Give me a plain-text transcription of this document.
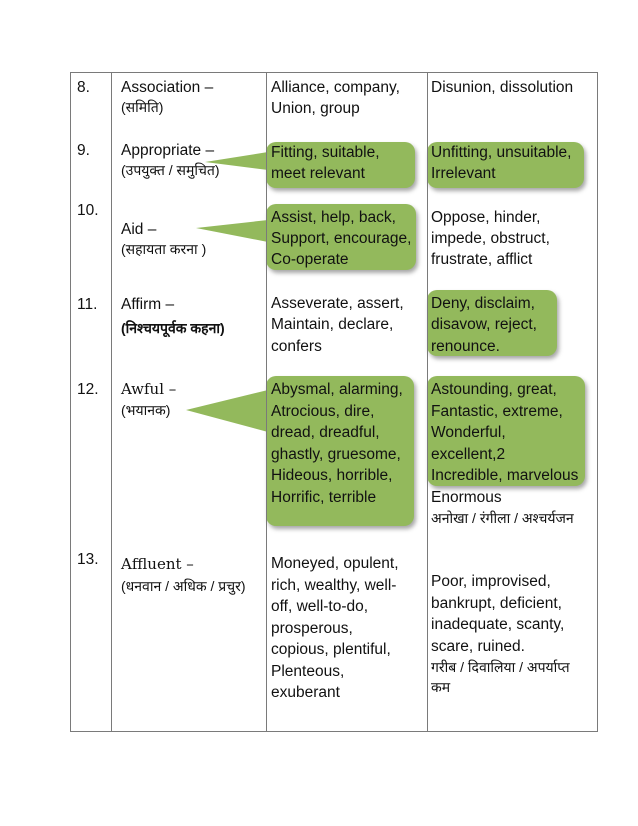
8. Association –
(समिति)
Alliance, company,
Union, group
Disunion, dissolution
9. Appropriate –
(उपयुक्त / समुचित)
Fitting, suitable,
meet relevant
Unfitting, unsuitable,
Irrelevant
10.
Aid –
(सहायता करना )
Assist, help, back,
Support, encourage,
Co-operate
Oppose, hinder,
impede, obstruct,
frustrate, afflict
11. Affirm –
(निश्चयपूर्वक कहना)
Asseverate, assert,
Maintain, declare,
confers
Deny, disclaim,
disavow, reject,
renounce.
12. Awful –
(भयानक)
Abysmal, alarming,
Atrocious, dire,
dread, dreadful,
ghastly, gruesome,
Hideous, horrible,
Horrific, terrible
Astounding, great,
Fantastic, extreme,
Wonderful,
excellent,2
Incredible, marvelous
Enormous
अनोखा / रंगीला / अश्चर्यजन
13. Affluent –
(धनवान / अधिक / प्रचुर)
Moneyed, opulent,
rich, wealthy, well-
off, well-to-do,
prosperous,
copious, plentiful,
Plenteous,
exuberant
Poor, improvised,
bankrupt, deficient,
inadequate, scanty,
scare, ruined.
गरीब / दिवालिया / अपर्याप्त
कम
